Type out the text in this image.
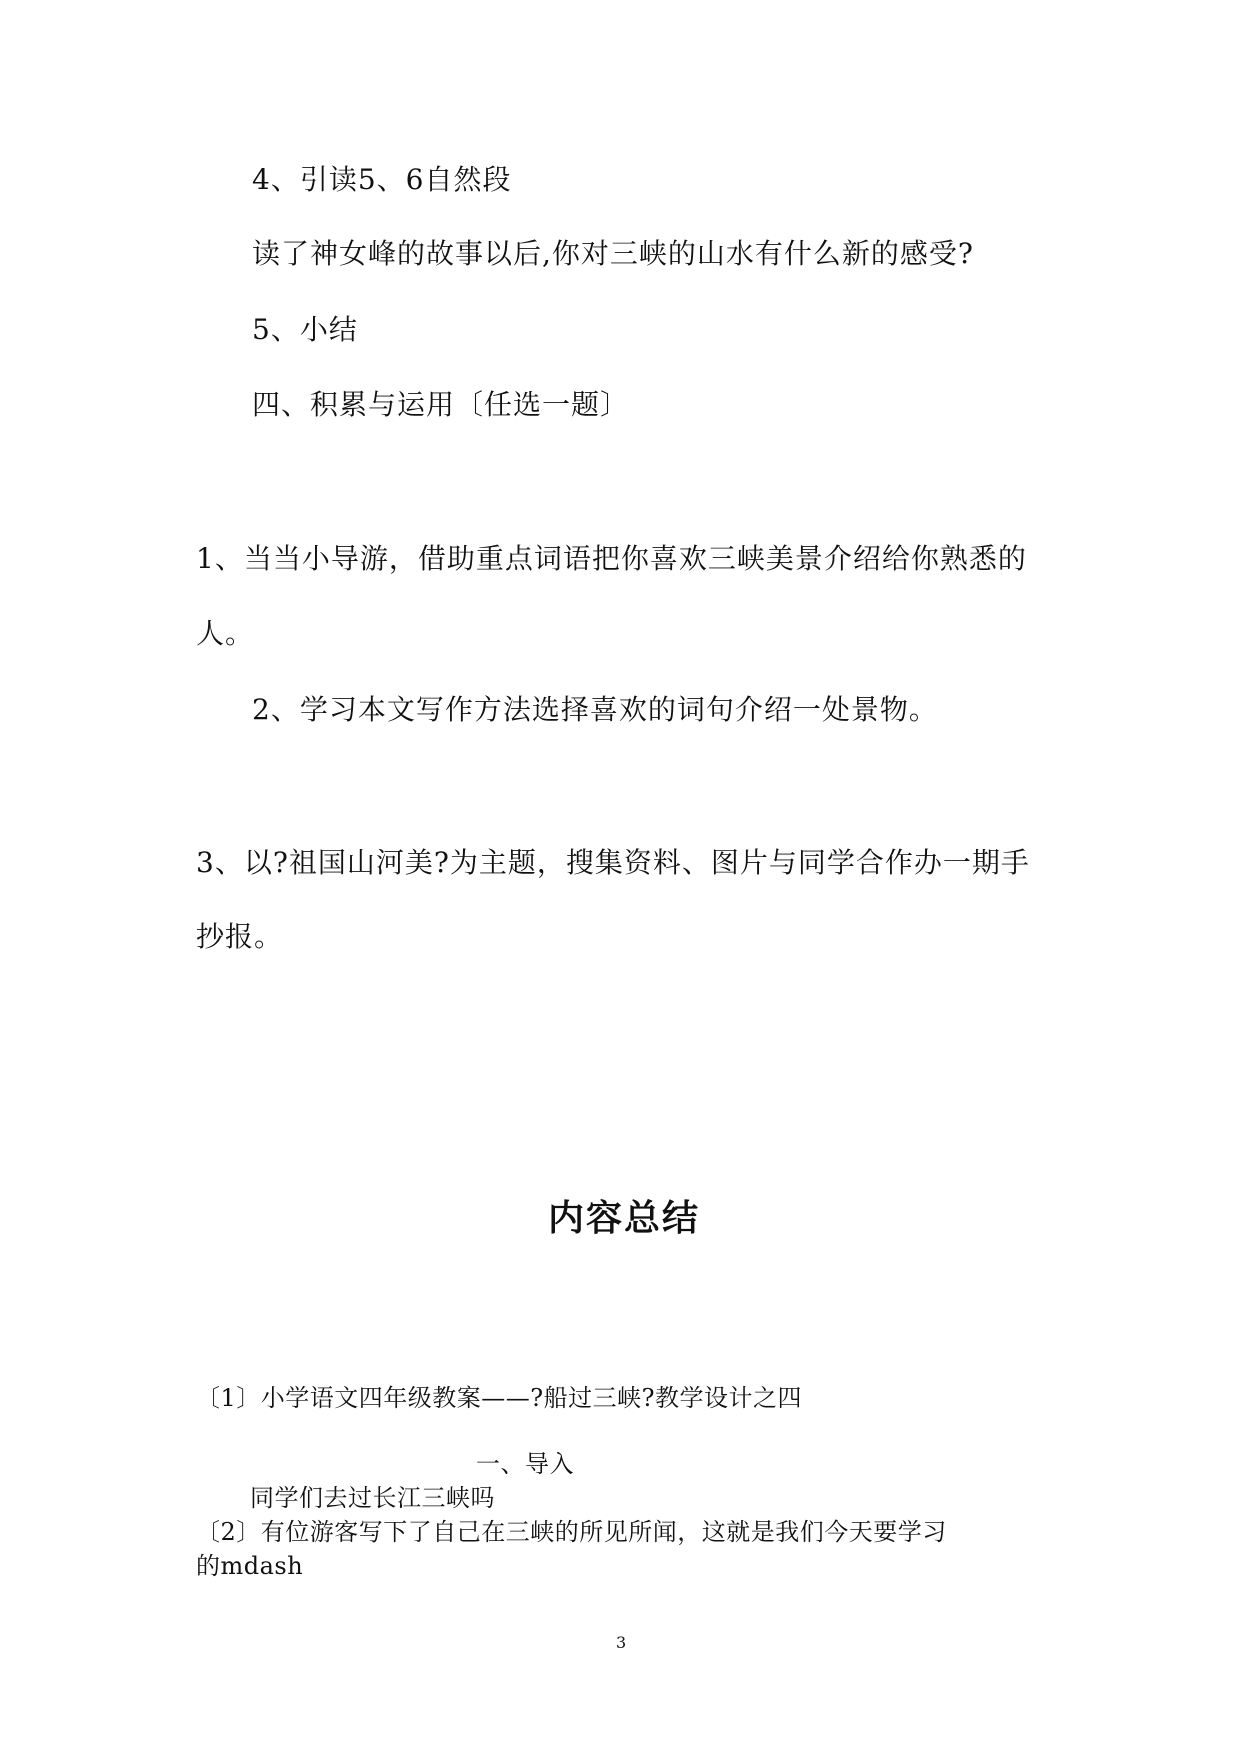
4、引读5、6自然段
读了神女峰的故事以后,你对三峡的山水有什么新的感受?
5、小结
四、积累与运用〔任选一题〕
1、当当小导游，借助重点词语把你喜欢三峡美景介绍给你熟悉的
人。
2、学习本文写作方法选择喜欢的词句介绍一处景物。
3、以?祖国山河美?为主题，搜集资料、图片与同学合作办一期手
抄报。
内容总结
〔1〕小学语文四年级教案——?船过三峡?教学设计之四
一、导入
同学们去过长江三峡吗
〔2〕有位游客写下了自己在三峡的所见所闻，这就是我们今天要学习
的mdash
3
